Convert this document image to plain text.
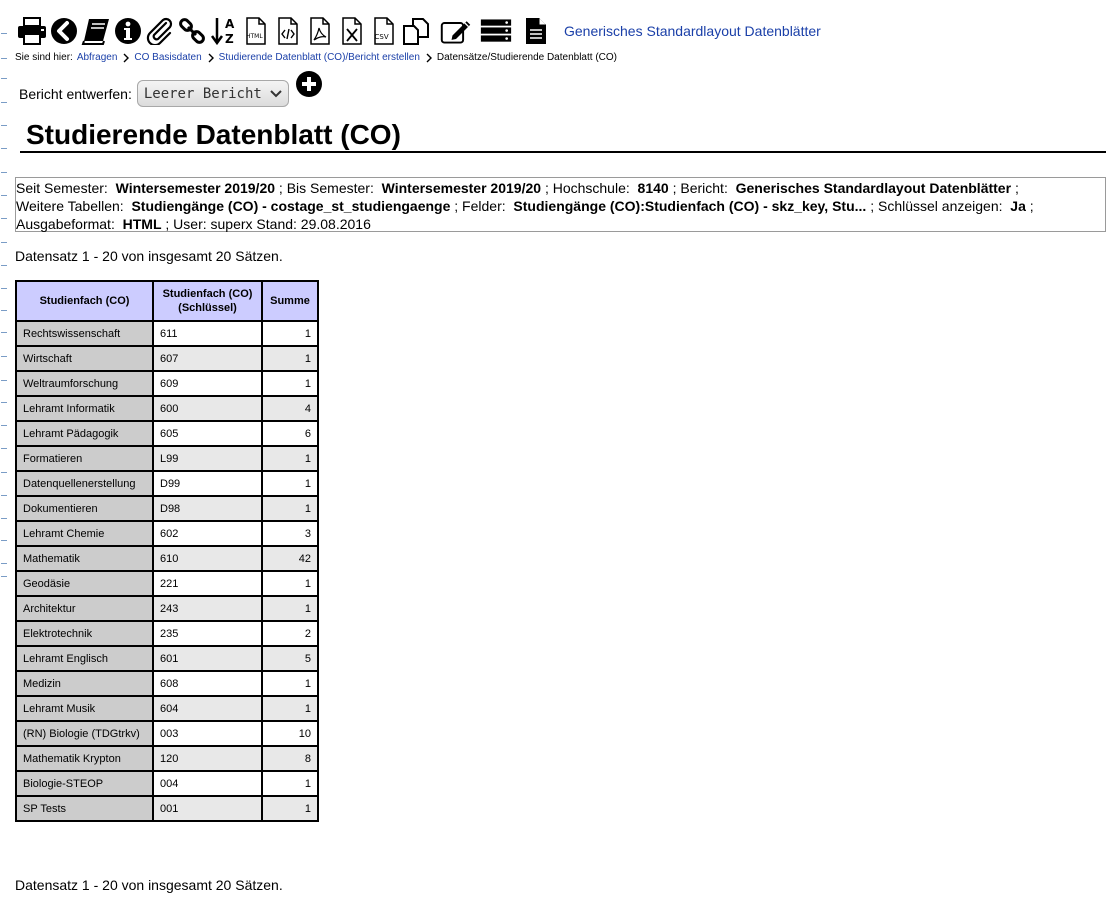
A
Z HTML	CSV	Generisches Standardlayout Datenblätter
Sie sind hier: Abfragen CO Basisdaten Studierende Datenblatt (CO)/Bericht erstellen Datensätze/Studierende Datenblatt (CO)
Bericht entwerfen: Leerer Bericht
Studierende Datenblatt (CO)
Seit Semester: Wintersemester 2019/20 ; Bis Semester: Wintersemester 2019/20 ; Hochschule: 8140 ; Bericht: Generisches Standardlayout Datenblätter ;
Weitere Tabellen: Studiengänge (CO) - costage_st_studiengaenge ; Felder: Studiengänge (CO):Studienfach (CO) - skz_key, Stu... ; Schlüssel anzeigen: Ja ;
Ausgabeformat: HTML ; User: superx Stand: 29.08.2016
Datensatz 1 - 20 von insgesamt 20 Sätzen.
Studienfach (CO)	Studienfach (CO) (Schlüssel)	Summe
Rechtswissenschaft	611	1
Wirtschaft	607	1
Weltraumforschung	609	1
Lehramt Informatik	600	4
Lehramt Pädagogik	605	6
Formatieren	L99	1
Datenquellenerstellung	D99	1
Dokumentieren	D98	1
Lehramt Chemie	602	3
Mathematik	610	42
Geodäsie	221	1
Architektur	243	1
Elektrotechnik	235	2
Lehramt Englisch	601	5
Medizin	608	1
Lehramt Musik	604	1
(RN) Biologie (TDGtrkv)	003	10
Mathematik Krypton	120	8
Biologie-STEOP	004	1
SP Tests	001	1
Datensatz 1 - 20 von insgesamt 20 Sätzen.
